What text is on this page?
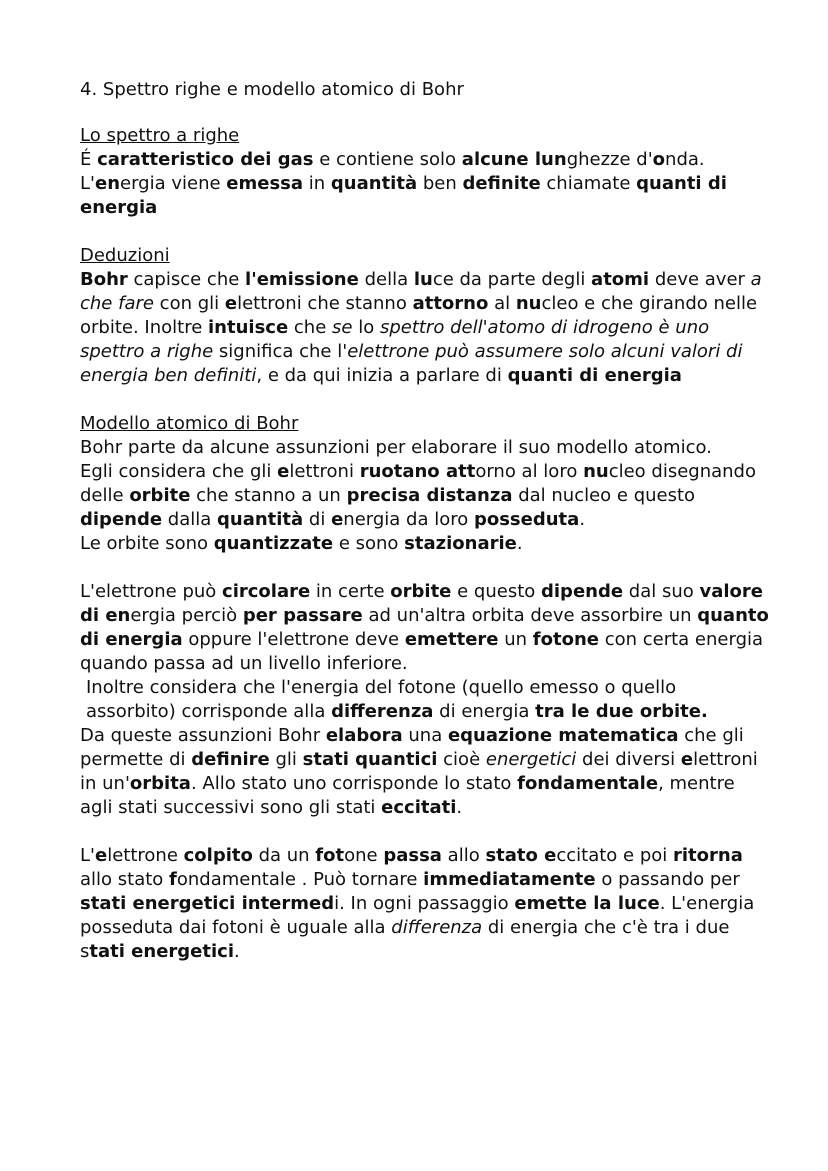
4. Spettro righe e modello atomico di Bohr

Lo spettro a righe

É caratteristico dei gas e contiene solo alcune lunghezze d'onda. L'energia viene emessa in quantità ben definite chiamate quanti di energia

Deduzioni

Bohr capisce che l'emissione della luce da parte degli atomi deve aver a che fare con gli elettroni che stanno attorno al nucleo e che girando nelle orbite. Inoltre intuisce che se lo spettro dell'atomo di idrogeno è uno spettro a righe significa che l'elettrone può assumere solo alcuni valori di energia ben definiti, e da qui inizia a parlare di quanti di energia

Modello atomico di Bohr

Bohr parte da alcune assunzioni per elaborare il suo modello atomico.

Egli considera che gli elettroni ruotano attorno al loro nucleo disegnando delle orbite che stanno a un precisa distanza dal nucleo e questo dipende dalla quantità di energia da loro posseduta.

Le orbite sono quantizzate e sono stazionarie.

L'elettrone può circolare in certe orbite e questo dipende dal suo valore di energia perciò per passare ad un'altra orbita deve assorbire un quanto di energia oppure l'elettrone deve emettere un fotone con certa energia quando passa ad un livello inferiore.

Inoltre considera che l'energia del fotone (quello emesso o quello assorbito) corrisponde alla differenza di energia tra le due orbite.

Da queste assunzioni Bohr elabora una equazione matematica che gli permette di definire gli stati quantici cioè energetici dei diversi elettroni in un'orbita. Allo stato uno corrisponde lo stato fondamentale, mentre agli stati successivi sono gli stati eccitati.

L'elettrone colpito da un fotone passa allo stato eccitato e poi ritorna allo stato fondamentale . Può tornare immediatamente o passando per stati energetici intermedi. In ogni passaggio emette la luce. L'energia posseduta dai fotoni è uguale alla differenza di energia che c'è tra i due stati energetici.
